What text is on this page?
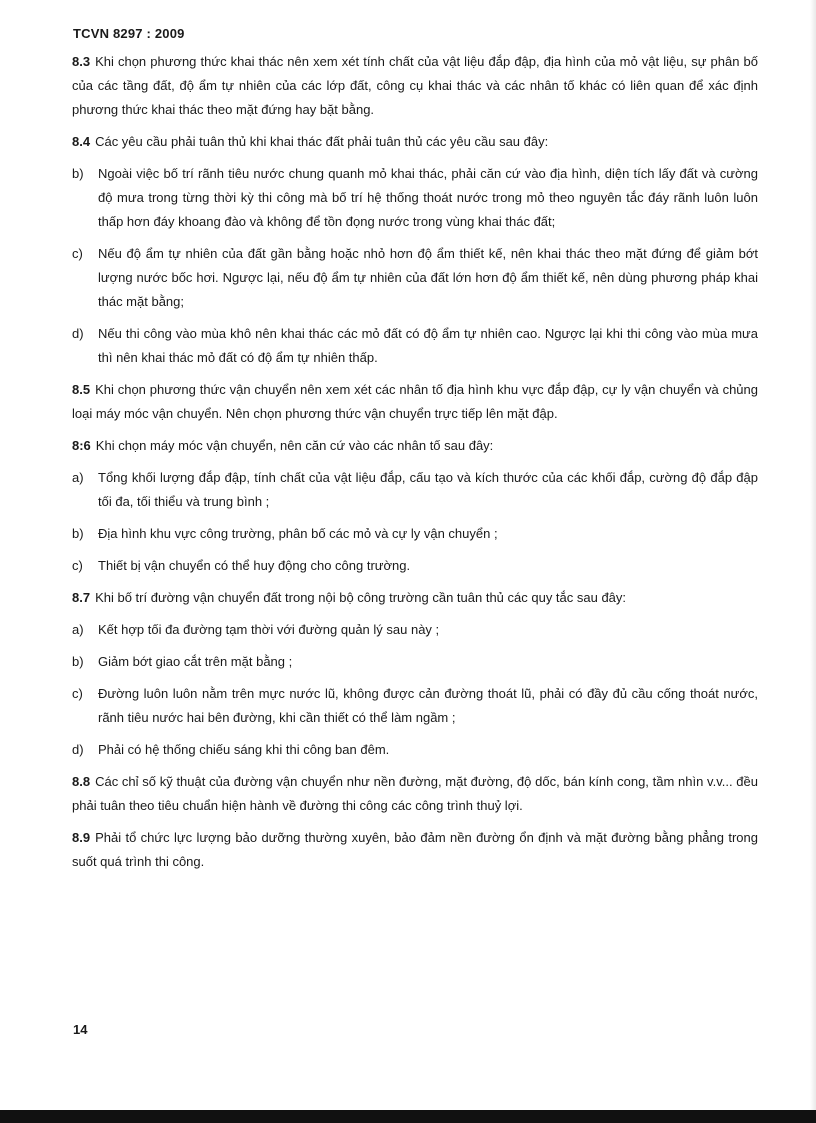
TCVN 8297 : 2009

8.3 Khi chọn phương thức khai thác nên xem xét tính chất của vật liệu đắp đập, địa hình của mỏ vật liệu, sự phân bố của các tầng đất, độ ẩm tự nhiên của các lớp đất, công cụ khai thác và các nhân tố khác có liên quan để xác định phương thức khai thác theo mặt đứng hay bặt bằng.

8.4 Các yêu cầu phải tuân thủ khi khai thác đất phải tuân thủ các yêu cầu sau đây:

b) Ngoài việc bố trí rãnh tiêu nước chung quanh mỏ khai thác, phải căn cứ vào địa hình, diện tích lấy đất và cường độ mưa trong từng thời kỳ thi công mà bố trí hệ thống thoát nước trong mỏ theo nguyên tắc đáy rãnh luôn luôn thấp hơn đáy khoang đào và không để tồn đọng nước trong vùng khai thác đất;

c) Nếu độ ẩm tự nhiên của đất gần bằng hoặc nhỏ hơn độ ẩm thiết kế, nên khai thác theo mặt đứng để giảm bớt lượng nước bốc hơi. Ngược lại, nếu độ ẩm tự nhiên của đất lớn hơn độ ẩm thiết kế, nên dùng phương pháp khai thác mặt bằng;

d) Nếu thi công vào mùa khô nên khai thác các mỏ đất có độ ẩm tự nhiên cao. Ngược lại khi thi công vào mùa mưa thì nên khai thác mỏ đất có độ ẩm tự nhiên thấp.

8.5 Khi chọn phương thức vận chuyển nên xem xét các nhân tố địa hình khu vực đắp đập, cự ly vận chuyển và chủng loại máy móc vận chuyển. Nên chọn phương thức vận chuyển trực tiếp lên mặt đập.

8:6 Khi chọn máy móc vận chuyển, nên căn cứ vào các nhân tố sau đây:

a) Tổng khối lượng đắp đập, tính chất của vật liệu đắp, cấu tạo và kích thước của các khối đắp, cường độ đắp đập tối đa, tối thiểu và trung bình ;

b) Địa hình khu vực công trường, phân bố các mỏ và cự ly vận chuyển ;

c) Thiết bị vận chuyển có thể huy động cho công trường.

8.7 Khi bố trí đường vận chuyển đất trong nội bộ công trường cần tuân thủ các quy tắc sau đây:

a) Kết hợp tối đa đường tạm thời với đường quản lý sau này ;

b) Giảm bớt giao cắt trên mặt bằng ;

c) Đường luôn luôn nằm trên mực nước lũ, không được cản đường thoát lũ, phải có đầy đủ cầu cống thoát nước, rãnh tiêu nước hai bên đường, khi cần thiết có thể làm ngầm ;

d) Phải có hệ thống chiếu sáng khi thi công ban đêm.

8.8 Các chỉ số kỹ thuật của đường vận chuyển như nền đường, mặt đường, độ dốc, bán kính cong, tầm nhìn v.v... đều phải tuân theo tiêu chuẩn hiện hành về đường thi công các công trình thuỷ lợi.

8.9 Phải tổ chức lực lượng bảo dưỡng thường xuyên, bảo đảm nền đường ổn định và mặt đường bằng phẳng trong suốt quá trình thi công.

14
